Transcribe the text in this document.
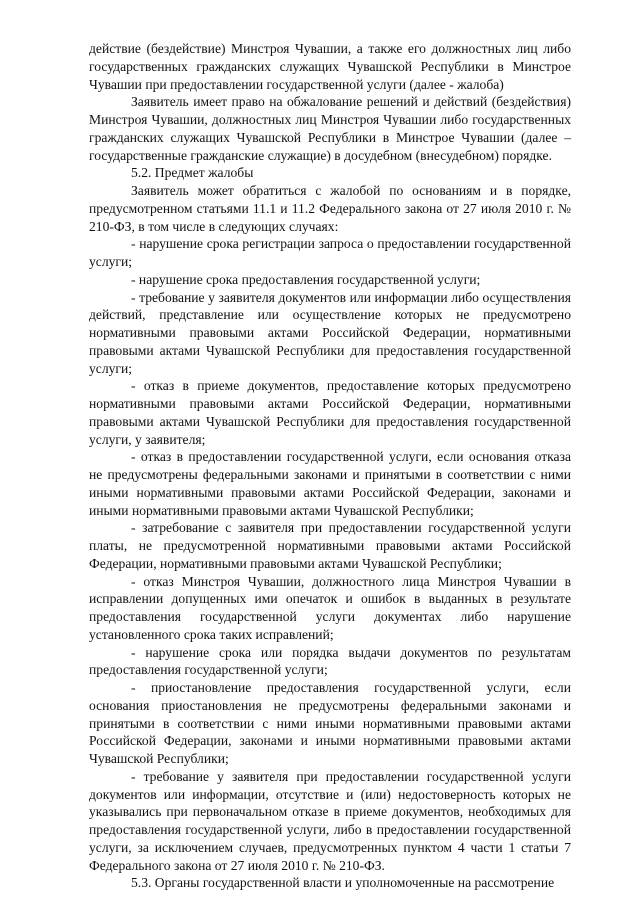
действие (бездействие) Минстроя Чувашии, а также его должностных лиц либо государственных гражданских служащих Чувашской Республики в Минстрое Чувашии при предоставлении государственной услуги (далее - жалоба)

Заявитель имеет право на обжалование решений и действий (бездействия) Минстроя Чувашии, должностных лиц Минстроя Чувашии либо государственных гражданских служащих Чувашской Республики в Минстрое Чувашии (далее – государственные гражданские служащие) в досудебном (внесудебном) порядке.

5.2. Предмет жалобы

Заявитель может обратиться с жалобой по основаниям и в порядке, предусмотренном статьями 11.1 и 11.2 Федерального закона от 27 июля 2010 г. № 210-ФЗ, в том числе в следующих случаях:

- нарушение срока регистрации запроса о предоставлении государственной услуги;

- нарушение срока предоставления государственной услуги;

- требование у заявителя документов или информации либо осуществления действий, представление или осуществление которых не предусмотрено нормативными правовыми актами Российской Федерации, нормативными правовыми актами Чувашской Республики для предоставления государственной услуги;

- отказ в приеме документов, предоставление которых предусмотрено нормативными правовыми актами Российской Федерации, нормативными правовыми актами Чувашской Республики для предоставления государственной услуги, у заявителя;

- отказ в предоставлении государственной услуги, если основания отказа не предусмотрены федеральными законами и принятыми в соответствии с ними иными нормативными правовыми актами Российской Федерации, законами и иными нормативными правовыми актами Чувашской Республики;

- затребование с заявителя при предоставлении государственной услуги платы, не предусмотренной нормативными правовыми актами Российской Федерации, нормативными правовыми актами Чувашской Республики;

- отказ Минстроя Чувашии, должностного лица Минстроя Чувашии в исправлении допущенных ими опечаток и ошибок в выданных в результате предоставления государственной услуги документах либо нарушение установленного срока таких исправлений;

- нарушение срока или порядка выдачи документов по результатам предоставления государственной услуги;

- приостановление предоставления государственной услуги, если основания приостановления не предусмотрены федеральными законами и принятыми в соответствии с ними иными нормативными правовыми актами Российской Федерации, законами и иными нормативными правовыми актами Чувашской Республики;

- требование у заявителя при предоставлении государственной услуги документов или информации, отсутствие и (или) недостоверность которых не указывались при первоначальном отказе в приеме документов, необходимых для предоставления государственной услуги, либо в предоставлении государственной услуги, за исключением случаев, предусмотренных пунктом 4 части 1 статьи 7 Федерального закона от 27 июля 2010 г. № 210-ФЗ.

5.3. Органы государственной власти и уполномоченные на рассмотрение
